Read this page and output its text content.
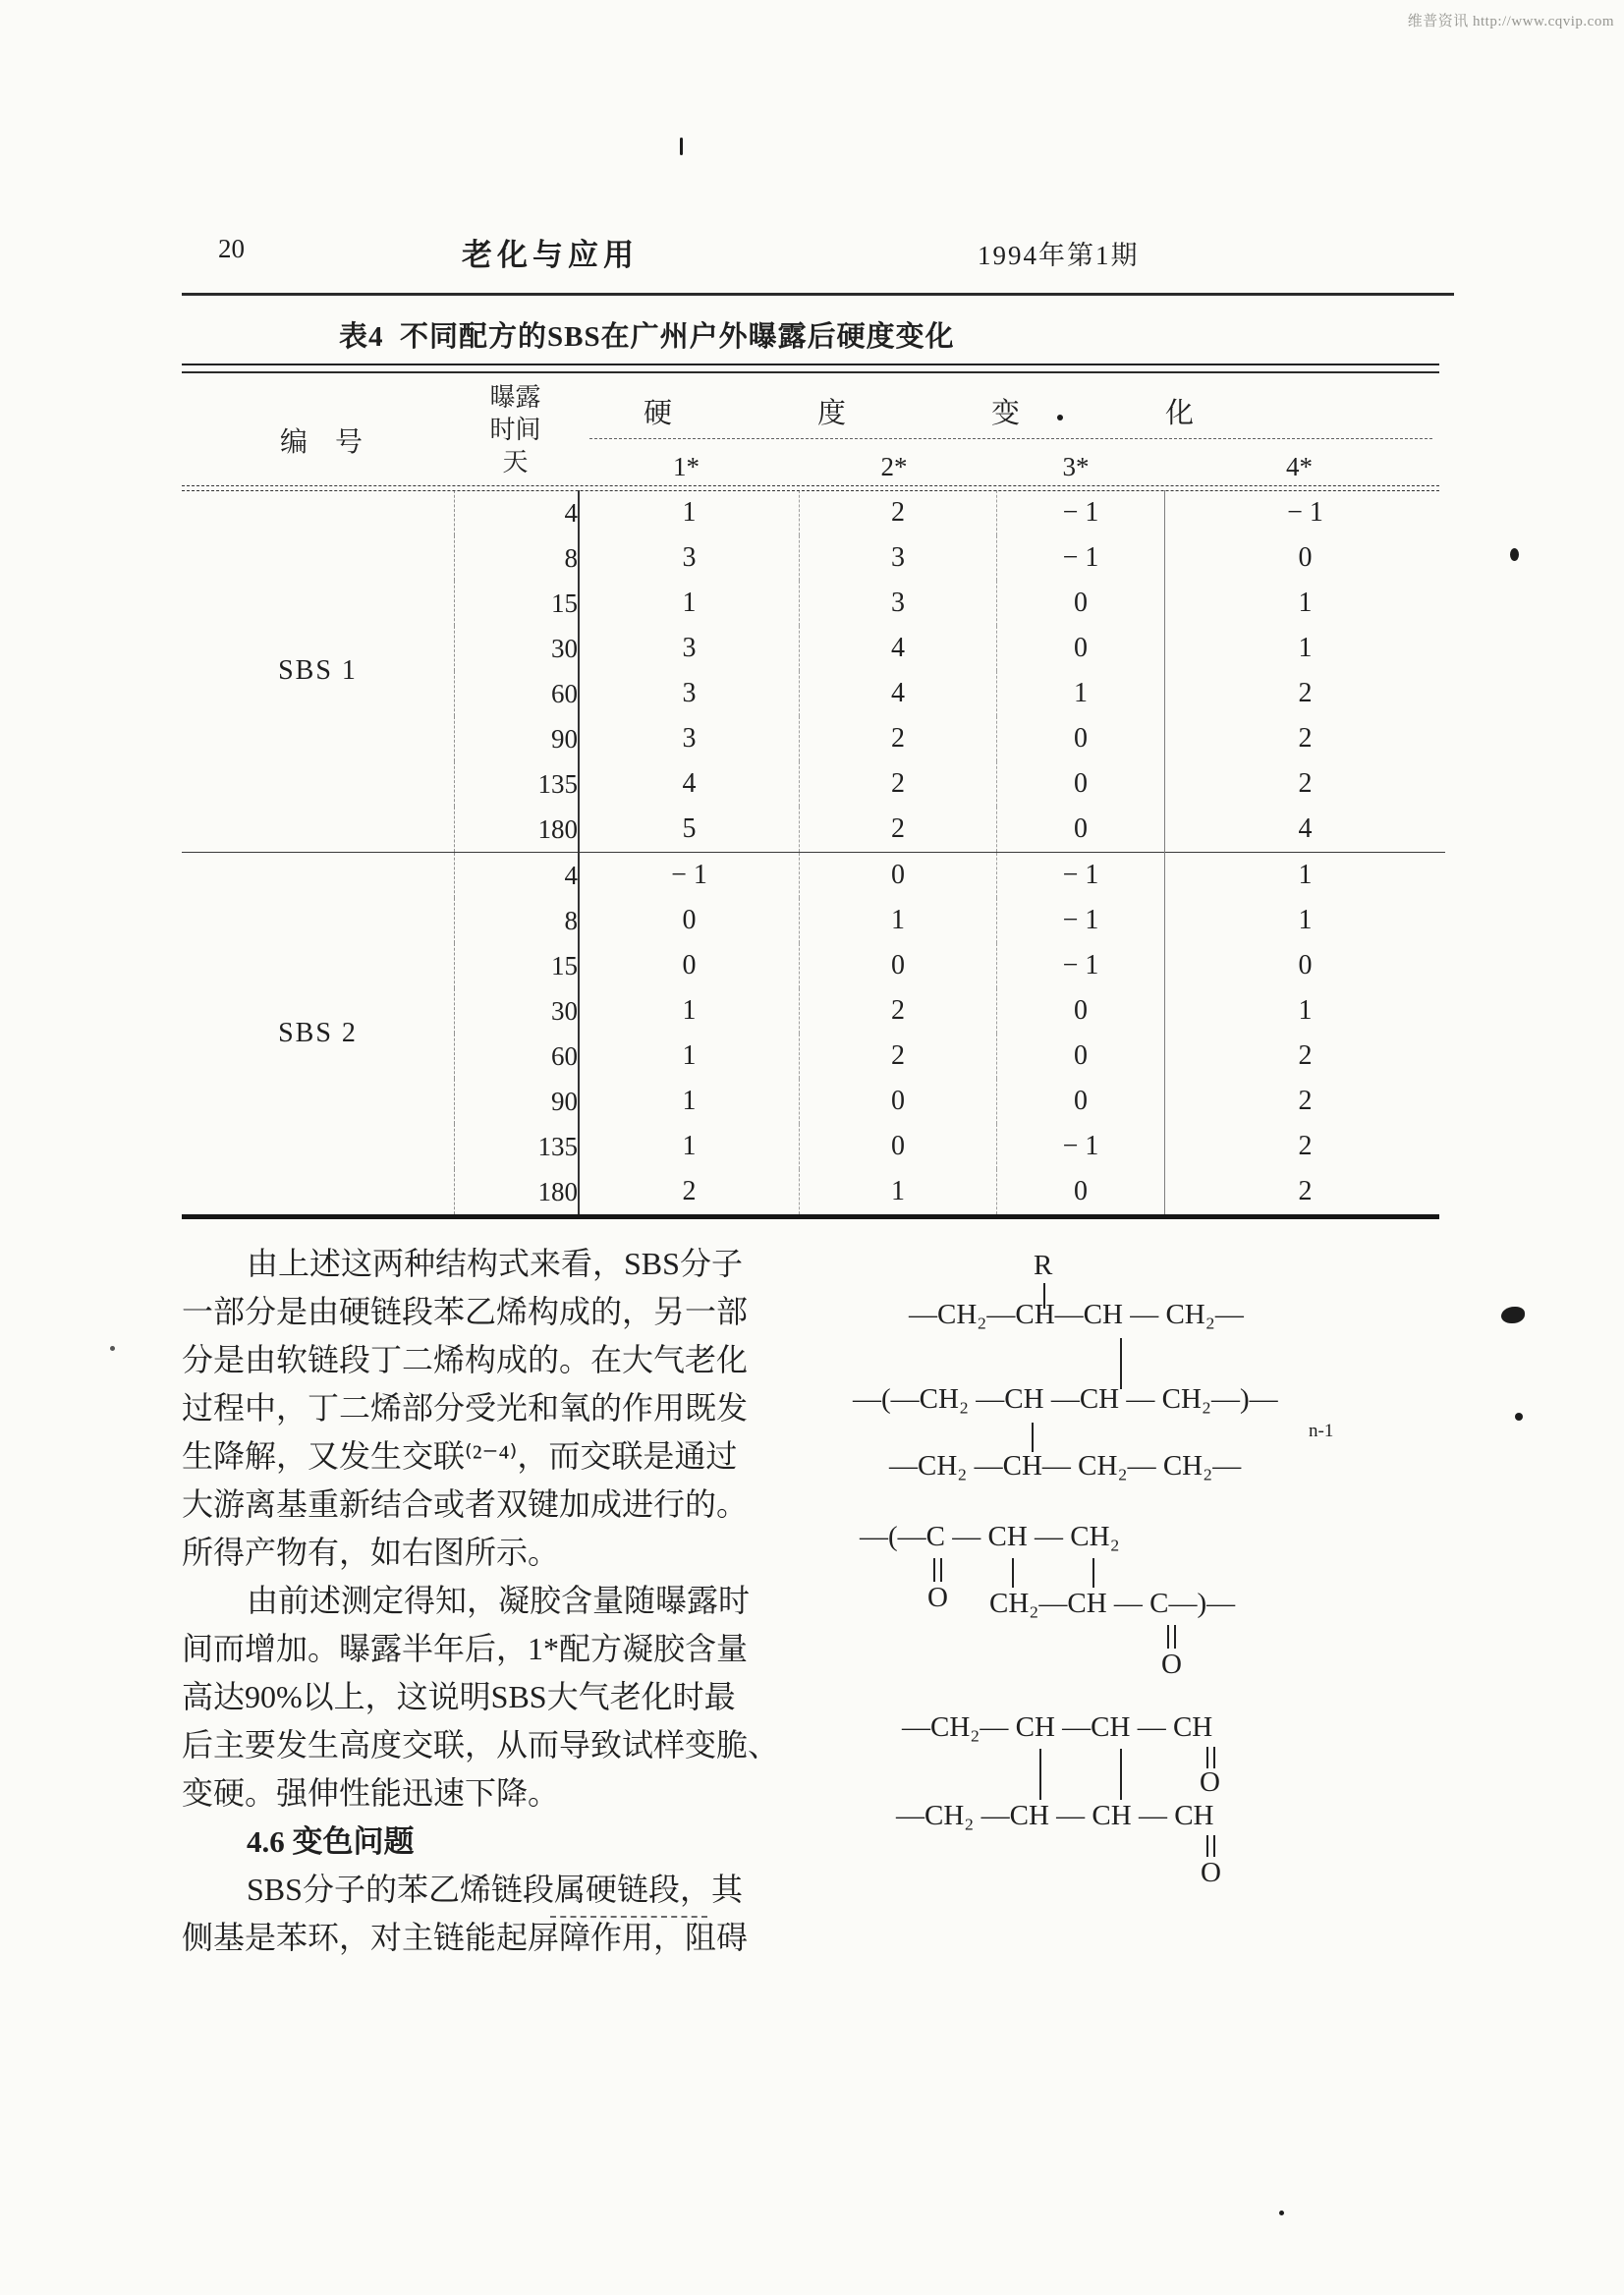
维普资讯 http://www.cqvip.com
20	老化与应用	1994年第1期
表4  不同配方的SBS在广州户外曝露后硬度变化
编    号
曝露
时间
天
硬	度	变	化
1*	2*	3*	4*
SBS 1	4	1	2	− 1	− 1
	8	3	3	− 1	0
	15	1	3	0	1
	30	3	4	0	1
	60	3	4	1	2
	90	3	2	0	2
	135	4	2	0	2
	180	5	2	0	4
SBS 2	4	− 1	0	− 1	1
	8	0	1	− 1	1
	15	0	0	− 1	0
	30	1	2	0	1
	60	1	2	0	2
	90	1	0	0	2
	135	1	0	− 1	2
	180	2	1	0	2
由上述这两种结构式来看，SBS分子
一部分是由硬链段苯乙烯构成的，另一部
分是由软链段丁二烯构成的。在大气老化
过程中，丁二烯部分受光和氧的作用既发
生降解，又发生交联⁽²⁻⁴⁾，而交联是通过
大游离基重新结合或者双键加成进行的。
所得产物有，如右图所示。
由前述测定得知，凝胶含量随曝露时
间而增加。曝露半年后，1*配方凝胶含量
高达90%以上，这说明SBS大气老化时最
后主要发生高度交联，从而导致试样变脆、
变硬。强伸性能迅速下降。
4.6 变色问题
SBS分子的苯乙烯链段属硬链段，其
侧基是苯环，对主链能起屏障作用，阻碍
R
—CH₂—CH—CH — CH₂—
—(—CH₂ —CH —CH — CH₂—)—
n-1
—CH₂ —CH— CH₂— CH₂—
—(—C — CH — CH₂
O CH₂—CH — C—)—
O
—CH₂— CH —CH — CH
O
—CH₂ —CH — CH — CH
O
